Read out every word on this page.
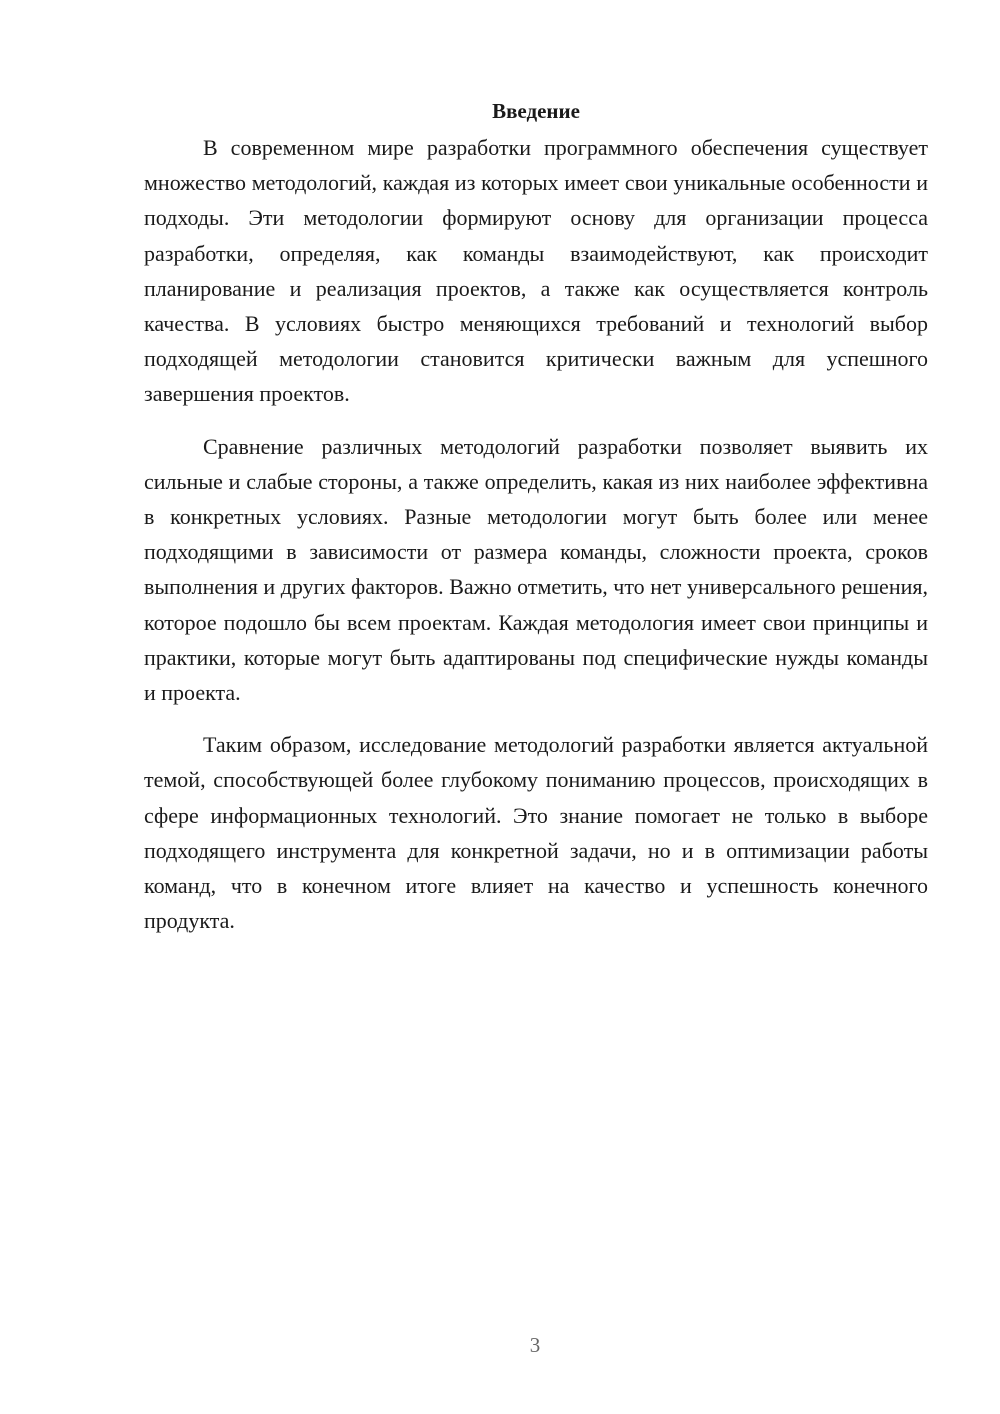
Введение

В современном мире разработки программного обеспечения существует множество методологий, каждая из которых имеет свои уникальные особенности и подходы. Эти методологии формируют основу для организации процесса разработки, определяя, как команды взаимодействуют, как происходит планирование и реализация проектов, а также как осуществляется контроль качества. В условиях быстро меняющихся требований и технологий выбор подходящей методологии становится критически важным для успешного завершения проектов.

Сравнение различных методологий разработки позволяет выявить их сильные и слабые стороны, а также определить, какая из них наиболее эффективна в конкретных условиях. Разные методологии могут быть более или менее подходящими в зависимости от размера команды, сложности проекта, сроков выполнения и других факторов. Важно отметить, что нет универсального решения, которое подошло бы всем проектам. Каждая методология имеет свои принципы и практики, которые могут быть адаптированы под специфические нужды команды и проекта.

Таким образом, исследование методологий разработки является актуальной темой, способствующей более глубокому пониманию процессов, происходящих в сфере информационных технологий. Это знание помогает не только в выборе подходящего инструмента для конкретной задачи, но и в оптимизации работы команд, что в конечном итоге влияет на качество и успешность конечного продукта.

3
